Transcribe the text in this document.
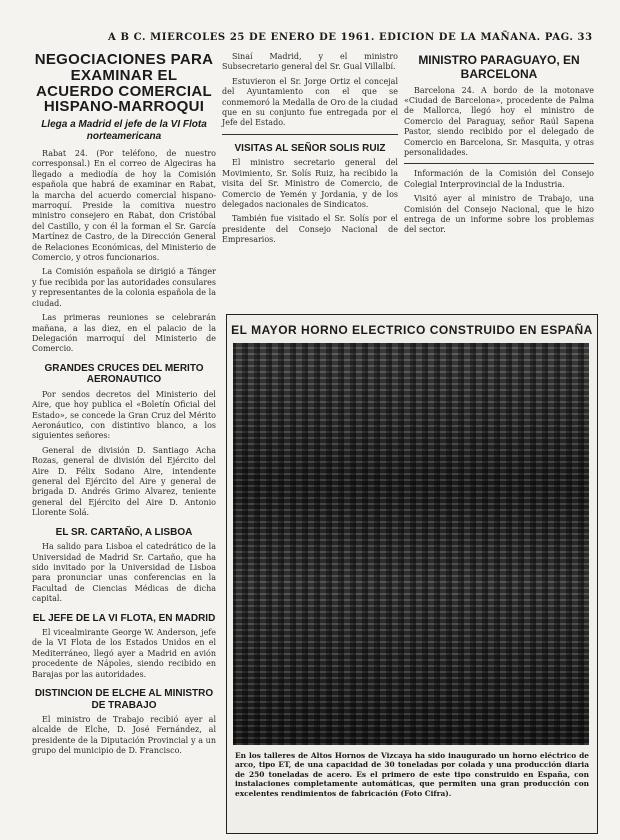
A B C. MIERCOLES 25 DE ENERO DE 1961. EDICION DE LA MAÑANA. PAG. 33
NEGOCIACIONES PARA EXAMINAR EL ACUERDO COMERCIAL HISPANO-MARROQUI
Llega a Madrid el jefe de la VI Flota norteamericana

Rabat 24. (Por teléfono, de nuestro corresponsal.) En el correo de Algeciras ha llegado a mediodía de hoy la Comisión española que habrá de examinar en Rabat, la marcha del acuerdo comercial hispano-marroquí. Preside la comitiva nuestro ministro consejero en Rabat, don Cristóbal del Castillo, y con él la forman el Sr. García Martínez de Castro, de la Dirección General de Relaciones Económicas, del Ministerio de Comercio, y otros funcionarios.

La Comisión española se dirigió a Tánger y fue recibida por las autoridades consulares y representantes de la colonia española de la ciudad.

Las primeras reuniones se celebrarán mañana, a las diez, en el palacio de la Delegación marroquí del Ministerio de Comercio.

GRANDES CRUCES DEL MERITO AERONAUTICO

Por sendos decretos del Ministerio del Aire, que hoy publica el «Boletín Oficial del Estado», se concede la Gran Cruz del Mérito Aeronáutico, con distintivo blanco, a los siguientes señores:

General de división D. Santiago Acha Rozas, general de división del Ejército del Aire D. Félix Sodano Aire, intendente general del Ejército del Aire y general de brigada D. Andrés Grimo Alvarez, teniente general del Ejército del Aire D. Antonio Llorente Solá.

EL SR. CARTAÑO, A LISBOA

Ha salido para Lisboa el catedrático de la Universidad de Madrid Sr. Cartaño, que ha sido invitado por la Universidad de Lisboa para pronunciar unas conferencias en la Facultad de Ciencias Médicas de dicha capital.

EL JEFE DE LA VI FLOTA, EN MADRID

El vicealmirante George W. Anderson, jefe de la VI Flota de los Estados Unidos en el Mediterráneo, llegó ayer a Madrid en avión procedente de Nápoles, siendo recibido en Barajas por las autoridades.

DISTINCION DE ELCHE AL MINISTRO DE TRABAJO

El ministro de Trabajo recibió ayer al alcalde de Elche, D. José Fernández, al presidente de la Diputación Provincial y a un grupo del municipio de D. Francisco.

Sinaí Madrid, y el ministro Subsecretario general del Sr. Gual Villalbí.

Estuvieron el Sr. Jorge Ortiz el concejal del Ayuntamiento con el que se conmemoró la Medalla de Oro de la ciudad que en su conjunto fue entregada por el Jefe del Estado.

VISITAS AL SEÑOR SOLIS RUIZ

El ministro secretario general del Movimiento, Sr. Solís Ruiz, ha recibido la visita del Sr. Ministro de Comercio, de Comercio de Yemén y Jordania, y de los delegados nacionales de Sindicatos.

También fue visitado el Sr. Solís por el presidente del Consejo Nacional de Empresarios.

MINISTRO PARAGUAYO, EN BARCELONA

Barcelona 24. A bordo de la motonave «Ciudad de Barcelona», procedente de Palma de Mallorca, llegó hoy el ministro de Comercio del Paraguay, señor Raúl Sapena Pastor, siendo recibido por el delegado de Comercio en Barcelona, Sr. Masquita, y otras personalidades.

Información de la Comisión del Consejo Colegial Interprovincial de la Industria.

Visitó ayer al ministro de Trabajo, una Comisión del Consejo Nacional, que le hizo entrega de un informe sobre los problemas del sector.

EL MAYOR HORNO ELECTRICO CONSTRUIDO EN ESPAÑA
En los talleres de Altos Hornos de Vizcaya ha sido inaugurado un horno eléctrico de arco, tipo ET, de una capacidad de 30 toneladas por colada y una producción diaria de 250 toneladas de acero. Es el primero de este tipo construido en España, con instalaciones completamente automáticas, que permiten una gran producción con excelentes rendimientos de fabricación (Foto Cifra).
